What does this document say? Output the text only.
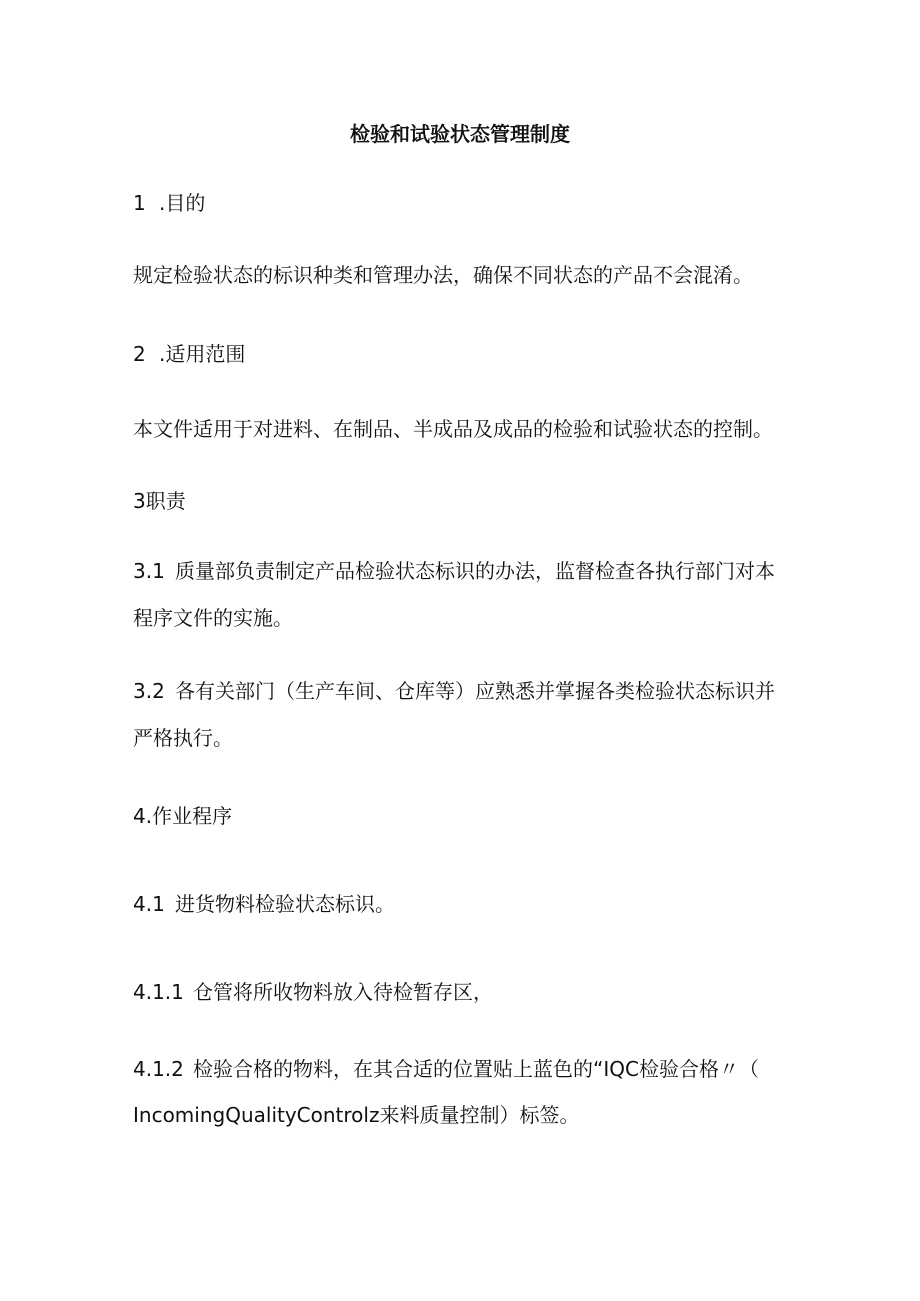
检验和试验状态管理制度

1 .目的

规定检验状态的标识种类和管理办法，确保不同状态的产品不会混淆。

2 .适用范围

本文件适用于对进料、在制品、半成品及成品的检验和试验状态的控制。

3职责

3.1 质量部负责制定产品检验状态标识的办法，监督检查各执行部门对本

程序文件的实施。

3.2 各有关部门（生产车间、仓库等）应熟悉并掌握各类检验状态标识并

严格执行。

4.作业程序

4.1 进货物料检验状态标识。

4.1.1 仓管将所收物料放入待检暂存区，

4.1.2 检验合格的物料，在其合适的位置贴上蓝色的“IQC检验合格〃（

IncomingQualityControlz来料质量控制）标签。
